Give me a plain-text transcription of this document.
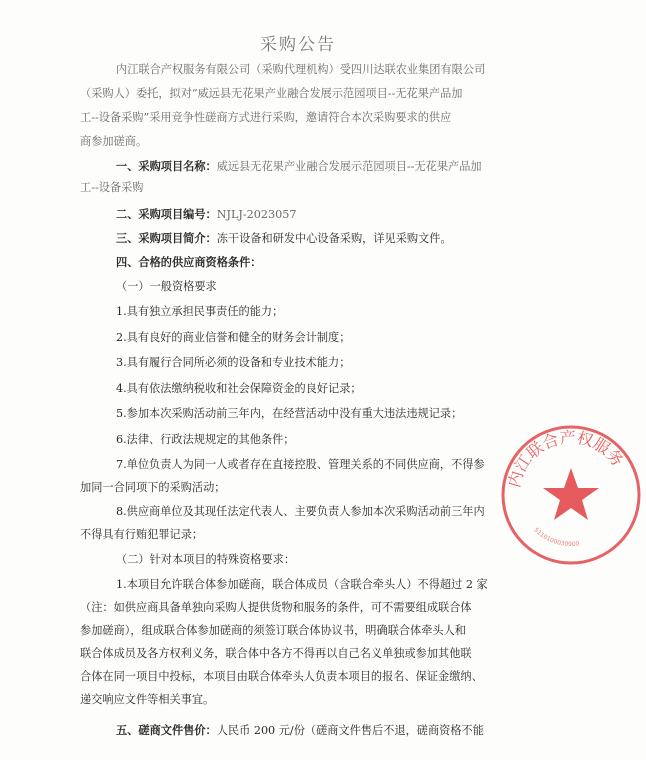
采购公告
内江联合产权服务有限公司（采购代理机构）受四川达联农业集团有限公司
（采购人）委托，拟对“威远县无花果产业融合发展示范园项目--无花果产品加
工--设备采购”采用竞争性磋商方式进行采购，邀请符合本次采购要求的供应
商参加磋商。
一、采购项目名称：威远县无花果产业融合发展示范园项目--无花果产品加
工--设备采购
二、采购项目编号：NJLJ-2023057
三、采购项目简介：冻干设备和研发中心设备采购，详见采购文件。
四、合格的供应商资格条件：
（一）一般资格要求
1.具有独立承担民事责任的能力；
2.具有良好的商业信誉和健全的财务会计制度；
3.具有履行合同所必须的设备和专业技术能力；
4.具有依法缴纳税收和社会保障资金的良好记录；
5.参加本次采购活动前三年内，在经营活动中没有重大违法违规记录；
6.法律、行政法规规定的其他条件；
7.单位负责人为同一人或者存在直接控股、管理关系的不同供应商，不得参
加同一合同项下的采购活动；
8.供应商单位及其现任法定代表人、主要负责人参加本次采购活动前三年内
不得具有行贿犯罪记录；
（二）针对本项目的特殊资格要求：
1.本项目允许联合体参加磋商，联合体成员（含联合牵头人）不得超过 2 家
（注：如供应商具备单独向采购人提供货物和服务的条件，可不需要组成联合体
参加磋商），组成联合体参加磋商的须签订联合体协议书，明确联合体牵头人和
联合体成员及各方权利义务，联合体中各方不得再以自己名义单独或参加其他联
合体在同一项目中投标，本项目由联合体牵头人负责本项目的报名、保证金缴纳、
递交响应文件等相关事宜。
五、磋商文件售价：人民币 200 元/份（磋商文件售后不退，磋商资格不能
内江联合产权服务
5110100030900
